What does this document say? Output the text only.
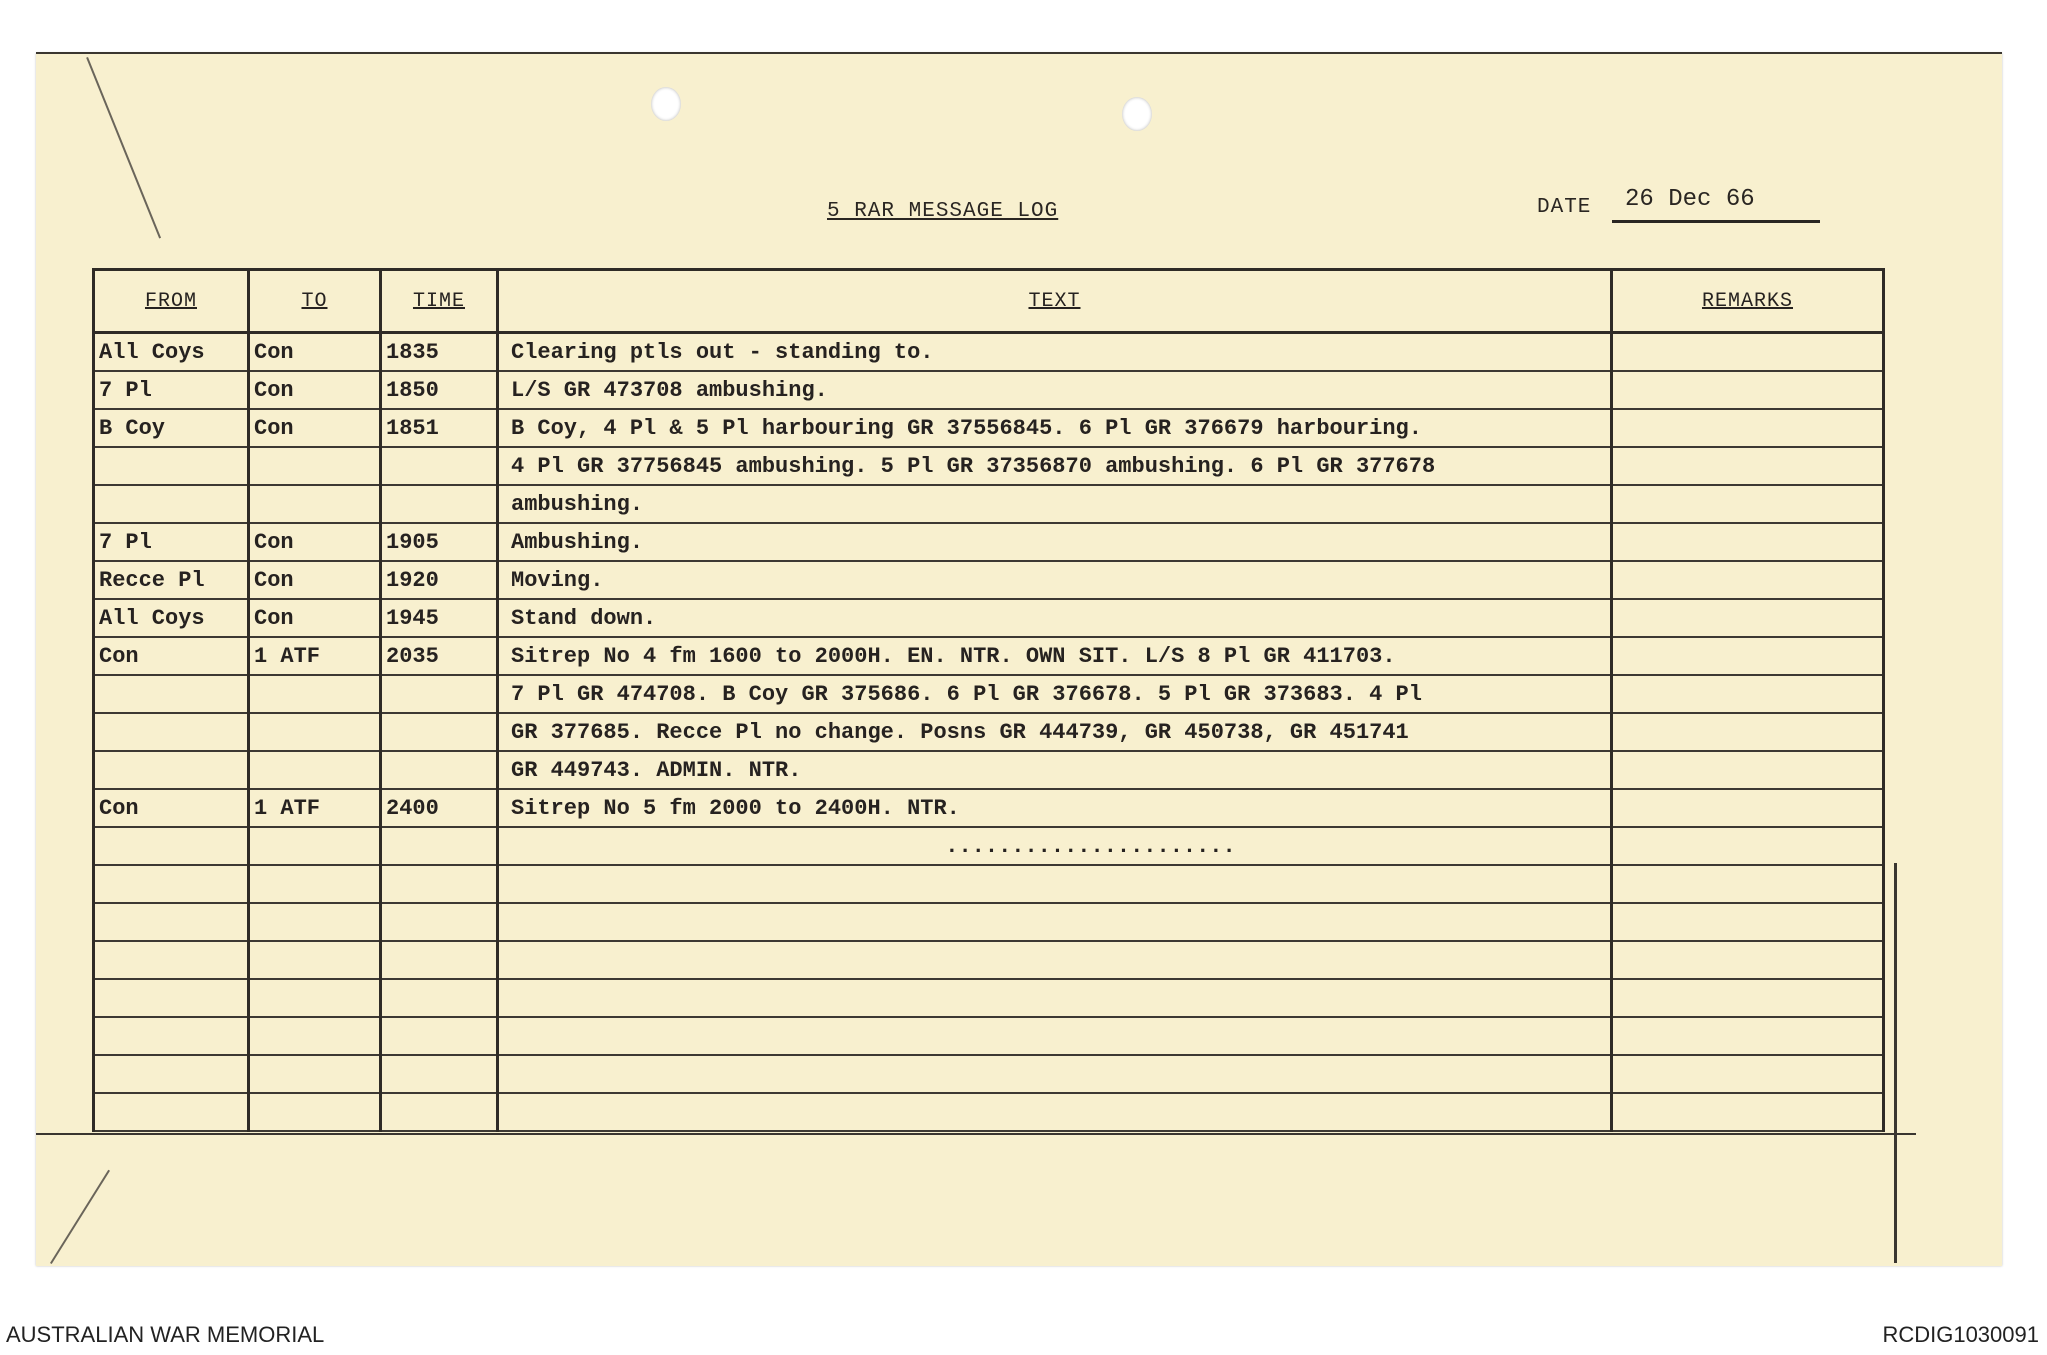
5 RAR MESSAGE LOG	DATE 26 Dec 66
FROM	TO	TIME	TEXT	REMARKS
All Coys	Con	1835	Clearing ptls out - standing to.	
7 Pl	Con	1850	L/S GR 473708 ambushing.	
B Coy	Con	1851	B Coy, 4 Pl & 5 Pl harbouring GR 37556845. 6 Pl GR 376679 harbouring.	
			4 Pl GR 37756845 ambushing. 5 Pl GR 37356870 ambushing. 6 Pl GR 377678	
			ambushing.	
7 Pl	Con	1905	Ambushing.	
Recce Pl	Con	1920	Moving.	
All Coys	Con	1945	Stand down.	
Con	1 ATF	2035	Sitrep No 4 fm 1600 to 2000H. EN. NTR. OWN SIT. L/S 8 Pl GR 411703.	
			7 Pl GR 474708. B Coy GR 375686. 6 Pl GR 376678. 5 Pl GR 373683. 4 Pl	
			GR 377685. Recce Pl no change. Posns GR 444739, GR 450738, GR 451741	
			GR 449743. ADMIN. NTR.	
Con	1 ATF	2400	Sitrep No 5 fm 2000 to 2400H. NTR.	

			......................	

AUSTRALIAN WAR MEMORIAL	RCDIG1030091
